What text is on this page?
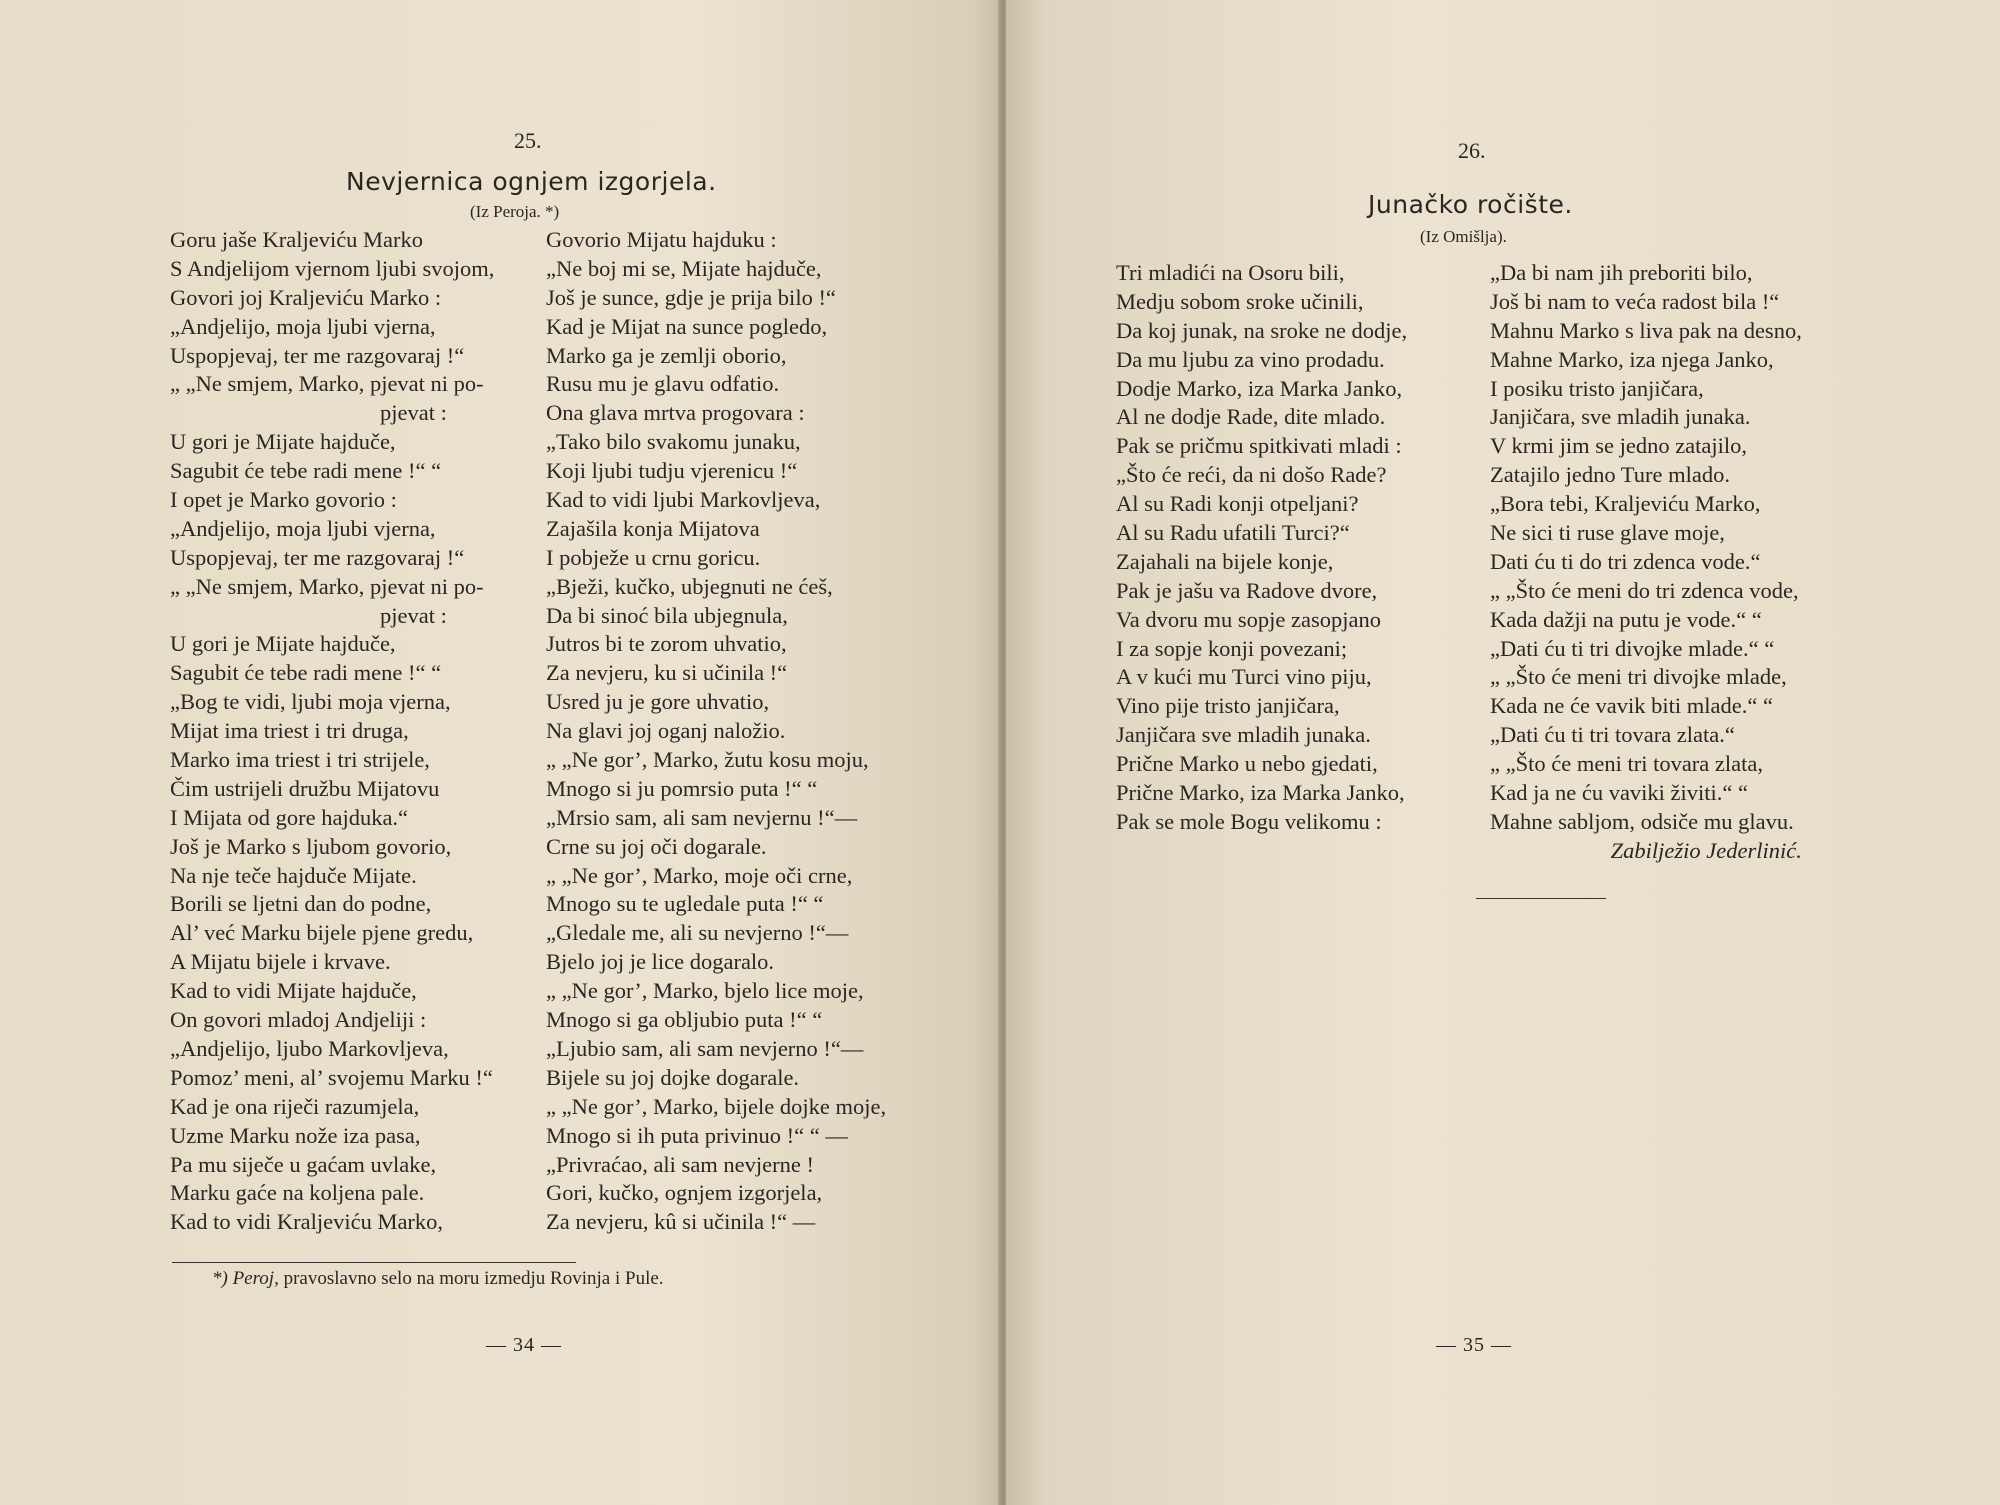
25.
Nevjernica ognjem izgorjela.
(Iz Peroja. *)
Goru jaše Kraljeviću Marko
S Andjelijom vjernom ljubi svojom,
Govori joj Kraljeviću Marko :
„Andjelijo, moja ljubi vjerna,
Uspopjevaj, ter me razgovaraj !“
„ „Ne smjem, Marko, pjevat ni po-
pjevat :
U gori je Mijate hajduče,
Sagubit će tebe radi mene !“ “
I opet je Marko govorio :
„Andjelijo, moja ljubi vjerna,
Uspopjevaj, ter me razgovaraj !“
„ „Ne smjem, Marko, pjevat ni po-
pjevat :
U gori je Mijate hajduče,
Sagubit će tebe radi mene !“ “
„Bog te vidi, ljubi moja vjerna,
Mijat ima triest i tri druga,
Marko ima triest i tri strijele,
Čim ustrijeli družbu Mijatovu
I Mijata od gore hajduka.“
Još je Marko s ljubom govorio,
Na nje teče hajduče Mijate.
Borili se ljetni dan do podne,
Al’ već Marku bijele pjene gredu,
A Mijatu bijele i krvave.
Kad to vidi Mijate hajduče,
On govori mladoj Andjeliji :
„Andjelijo, ljubo Markovljeva,
Pomoz’ meni, al’ svojemu Marku !“
Kad je ona riječi razumjela,
Uzme Marku nože iza pasa,
Pa mu siječe u gaćam uvlake,
Marku gaće na koljena pale.
Kad to vidi Kraljeviću Marko,
Govorio Mijatu hajduku :
„Ne boj mi se, Mijate hajduče,
Još je sunce, gdje je prija bilo !“
Kad je Mijat na sunce pogledo,
Marko ga je zemlji oborio,
Rusu mu je glavu odfatio.
Ona glava mrtva progovara :
„Tako bilo svakomu junaku,
Koji ljubi tudju vjerenicu !“
Kad to vidi ljubi Markovljeva,
Zajašila konja Mijatova
I pobježe u crnu goricu.
„Bježi, kučko, ubjegnuti ne ćeš,
Da bi sinoć bila ubjegnula,
Jutros bi te zorom uhvatio,
Za nevjeru, ku si učinila !“
Usred ju je gore uhvatio,
Na glavi joj oganj naložio.
„ „Ne gor’, Marko, žutu kosu moju,
Mnogo si ju pomrsio puta !“ “
„Mrsio sam, ali sam nevjernu !“—
Crne su joj oči dogarale.
„ „Ne gor’, Marko, moje oči crne,
Mnogo su te ugledale puta !“ “
„Gledale me, ali su nevjerno !“—
Bjelo joj je lice dogaralo.
„ „Ne gor’, Marko, bjelo lice moje,
Mnogo si ga obljubio puta !“ “
„Ljubio sam, ali sam nevjerno !“—
Bijele su joj dojke dogarale.
„ „Ne gor’, Marko, bijele dojke moje,
Mnogo si ih puta privinuo !“ “ —
„Privraćao, ali sam nevjerne !
Gori, kučko, ognjem izgorjela,
Za nevjeru, kû si učinila !“ —
*) Peroj, pravoslavno selo na moru izmedju Rovinja i Pule.
— 34 —
26.
Junačko ročište.
(Iz Omišlja).
Tri mladići na Osoru bili,
Medju sobom sroke učinili,
Da koj junak, na sroke ne dodje,
Da mu ljubu za vino prodadu.
Dodje Marko, iza Marka Janko,
Al ne dodje Rade, dite mlado.
Pak se pričmu spitkivati mladi :
„Što će reći, da ni došo Rade?
Al su Radi konji otpeljani?
Al su Radu ufatili Turci?“
Zajahali na bijele konje,
Pak je jašu va Radove dvore,
Va dvoru mu sopje zasopjano
I za sopje konji povezani;
A v kući mu Turci vino piju,
Vino pije tristo janjičara,
Janjičara sve mladih junaka.
Prične Marko u nebo gjedati,
Prične Marko, iza Marka Janko,
Pak se mole Bogu velikomu :
„Da bi nam jih preboriti bilo,
Još bi nam to veća radost bila !“
Mahnu Marko s liva pak na desno,
Mahne Marko, iza njega Janko,
I posiku tristo janjičara,
Janjičara, sve mladih junaka.
V krmi jim se jedno zatajilo,
Zatajilo jedno Ture mlado.
„Bora tebi, Kraljeviću Marko,
Ne sici ti ruse glave moje,
Dati ću ti do tri zdenca vode.“
„ „Što će meni do tri zdenca vode,
Kada dažji na putu je vode.“ “
„Dati ću ti tri divojke mlade.“ “
„ „Što će meni tri divojke mlade,
Kada ne će vavik biti mlade.“ “
„Dati ću ti tri tovara zlata.“
„ „Što će meni tri tovara zlata,
Kad ja ne ću vaviki živiti.“ “
Mahne sabljom, odsiče mu glavu.
Zabilježio Jederlinić.
— 35 —
